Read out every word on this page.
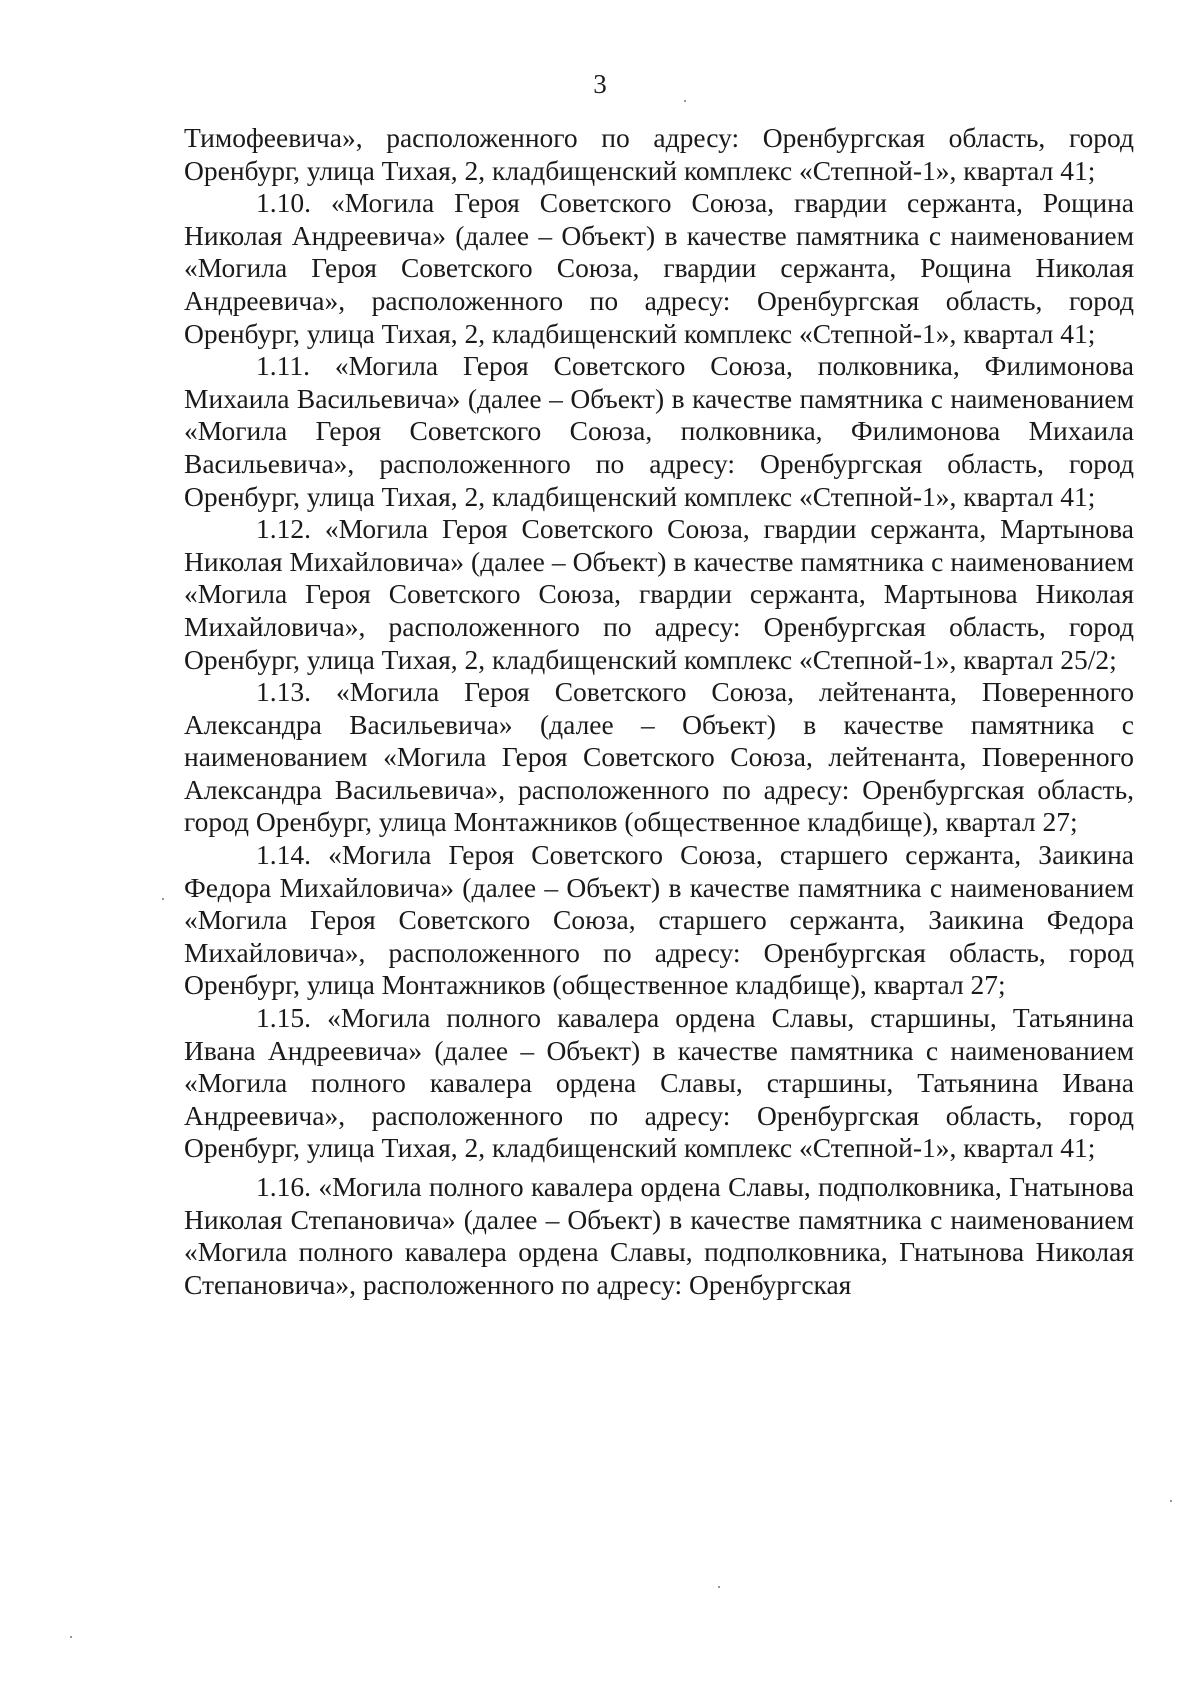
3

Тимофеевича», расположенного по адресу: Оренбургская область, город Оренбург, улица Тихая, 2, кладбищенский комплекс «Степной-1», квартал 41;

1.10. «Могила Героя Советского Союза, гвардии сержанта, Рощина Николая Андреевича» (далее – Объект) в качестве памятника с наименованием «Могила Героя Советского Союза, гвардии сержанта, Рощина Николая Андреевича», расположенного по адресу: Оренбургская область, город Оренбург, улица Тихая, 2, кладбищенский комплекс «Степной-1», квартал 41;

1.11. «Могила Героя Советского Союза, полковника, Филимонова Михаила Васильевича» (далее – Объект) в качестве памятника с наименованием «Могила Героя Советского Союза, полковника, Филимонова Михаила Васильевича», расположенного по адресу: Оренбургская область, город Оренбург, улица Тихая, 2, кладбищенский комплекс «Степной-1», квартал 41;

1.12. «Могила Героя Советского Союза, гвардии сержанта, Мартынова Николая Михайловича» (далее – Объект) в качестве памятника с наименованием «Могила Героя Советского Союза, гвардии сержанта, Мартынова Николая Михайловича», расположенного по адресу: Оренбургская область, город Оренбург, улица Тихая, 2, кладбищенский комплекс «Степной-1», квартал 25/2;

1.13. «Могила Героя Советского Союза, лейтенанта, Поверенного Александра Васильевича» (далее – Объект) в качестве памятника с наименованием «Могила Героя Советского Союза, лейтенанта, Поверенного Александра Васильевича», расположенного по адресу: Оренбургская область, город Оренбург, улица Монтажников (общественное кладбище), квартал 27;

1.14. «Могила Героя Советского Союза, старшего сержанта, Заикина Федора Михайловича» (далее – Объект) в качестве памятника с наименованием «Могила Героя Советского Союза, старшего сержанта, Заикина Федора Михайловича», расположенного по адресу: Оренбургская область, город Оренбург, улица Монтажников (общественное кладбище), квартал 27;

1.15. «Могила полного кавалера ордена Славы, старшины, Татьянина Ивана Андреевича» (далее – Объект) в качестве памятника с наименованием «Могила полного кавалера ордена Славы, старшины, Татьянина Ивана Андреевича», расположенного по адресу: Оренбургская область, город Оренбург, улица Тихая, 2, кладбищенский комплекс «Степной-1», квартал 41;

1.16. «Могила полного кавалера ордена Славы, подполковника, Гнатынова Николая Степановича» (далее – Объект) в качестве памятника с наименованием «Могила полного кавалера ордена Славы, подполковника, Гнатынова Николая Степановича», расположенного по адресу: Оренбургская
